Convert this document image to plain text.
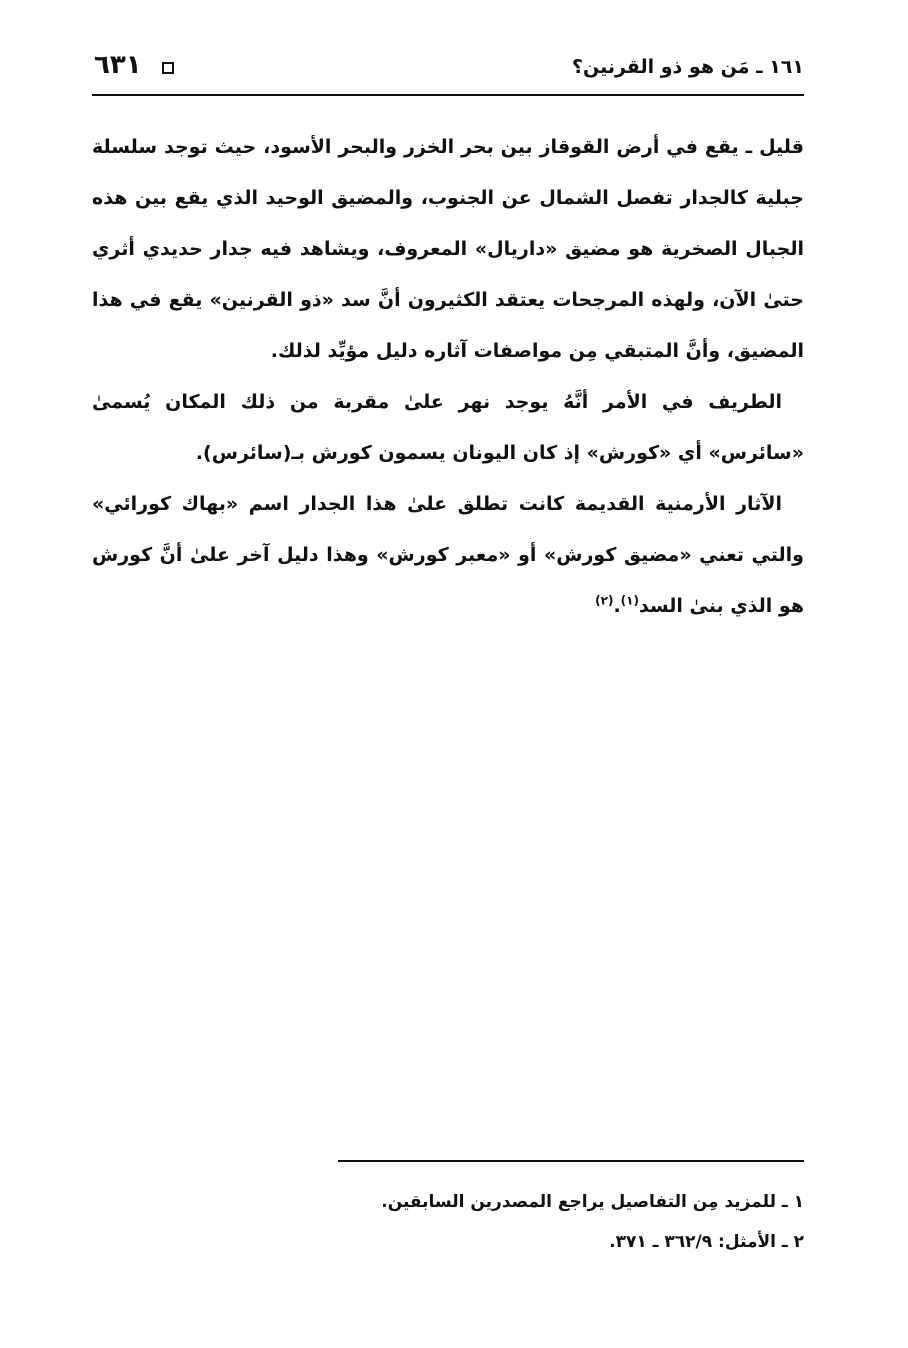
١٦١ ـ مَن هو ذو القرنين؟
٦٣١

قليل ـ يقع في أرض القوقاز بين بحر الخزر والبحر الأسود، حيث توجد سلسلة جبلية كالجدار تفصل الشمال عن الجنوب، والمضيق الوحيد الذي يقع بين هذه الجبال الصخرية هو مضيق «داريال» المعروف، ويشاهد فيه جدار حديدي أثري حتىٰ الآن، ولهذه المرجحات يعتقد الكثيرون أنَّ سد «ذو القرنين» يقع في هذا المضيق، وأنَّ المتبقي مِن مواصفات آثاره دليل مؤيِّد لذلك.

الطريف في الأمر أنَّهُ يوجد نهر علىٰ مقربة من ذلك المكان يُسمىٰ «سائرس» أي «كورش» إذ كان اليونان يسمون كورش بـ(سائرس).

الآثار الأرمنية القديمة كانت تطلق علىٰ هذا الجدار اسم «بهاك كورائي» والتي تعني «مضيق كورش» أو «معبر كورش» وهذا دليل آخر علىٰ أنَّ كورش هو الذي بنىٰ السد$^{(١)}$.$^{(٢)}$

١ ـ للمزيد مِن التفاصيل يراجع المصدرين السابقين.

٢ ـ الأمثل: ٣٦٢/٩ ـ ٣٧١.
